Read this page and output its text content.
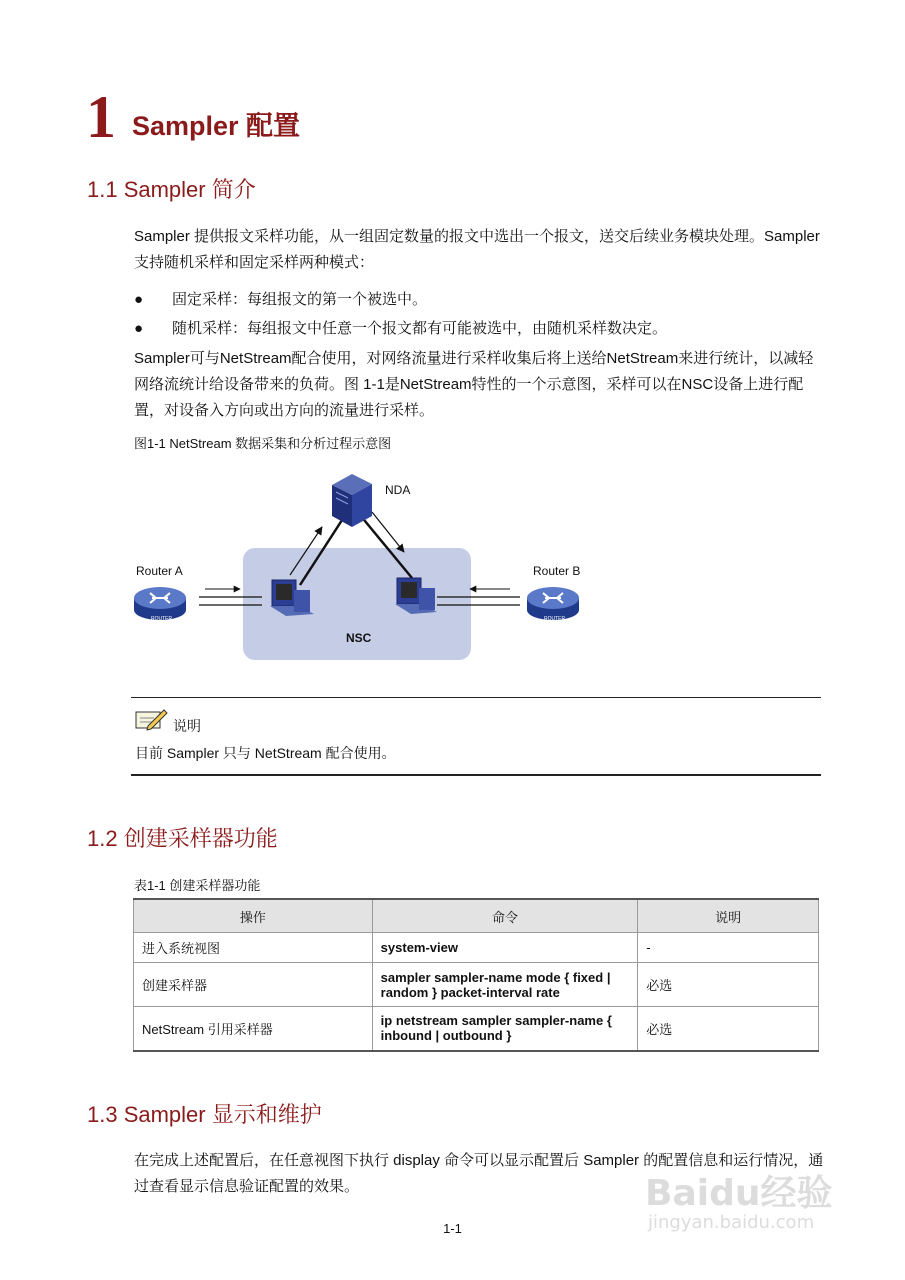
1 Sampler 配置
1.1 Sampler 简介
Sampler 提供报文采样功能，从一组固定数量的报文中选出一个报文，送交后续业务模块处理。Sampler 支持随机采样和固定采样两种模式：
● 固定采样：每组报文的第一个被选中。
● 随机采样：每组报文中任意一个报文都有可能被选中，由随机采样数决定。
Sampler可与NetStream配合使用，对网络流量进行采样收集后将上送给NetStream来进行统计，以减轻网络流统计给设备带来的负荷。图 1-1是NetStream特性的一个示意图，采样可以在NSC设备上进行配置，对设备入方向或出方向的流量进行采样。
图1-1 NetStream 数据采集和分析过程示意图
NDA
NSC
Router A	Router B
ROUTER	ROUTER
说明
目前 Sampler 只与 NetStream 配合使用。
1.2 创建采样器功能
表1-1 创建采样器功能
操作	命令	说明
进入系统视图	system-view	-
创建采样器	sampler sampler-name mode { fixed | random } packet-interval rate	必选
NetStream 引用采样器	ip netstream sampler sampler-name { inbound | outbound }	必选
1.3 Sampler 显示和维护
在完成上述配置后，在任意视图下执行 display 命令可以显示配置后 Sampler 的配置信息和运行情况，通过查看显示信息验证配置的效果。
1-1
Baidu经验
jingyan.baidu.com
